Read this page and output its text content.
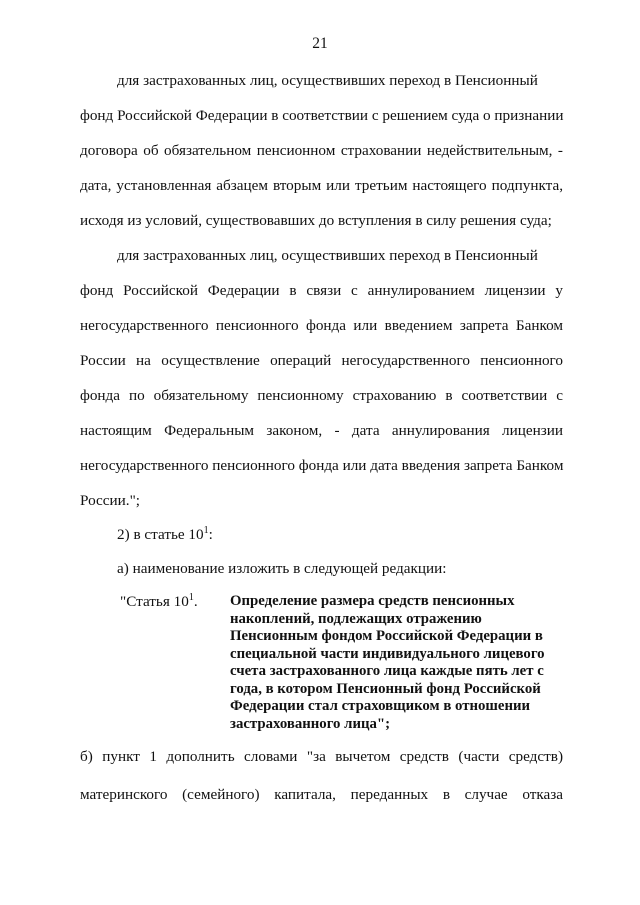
21
для застрахованных лиц, осуществивших переход в Пенсионный
фонд Российской Федерации в соответствии с решением суда о признании
договора об обязательном пенсионном страховании недействительным, -
дата, установленная абзацем вторым или третьим настоящего подпункта,
исходя из условий, существовавших до вступления в силу решения суда;
для застрахованных лиц, осуществивших переход в Пенсионный
фонд Российской Федерации в связи с аннулированием лицензии у
негосударственного пенсионного фонда или введением запрета Банком
России на осуществление операций негосударственного пенсионного
фонда по обязательному пенсионному страхованию в соответствии с
настоящим Федеральным законом, - дата аннулирования лицензии
негосударственного пенсионного фонда или дата введения запрета Банком
России.";
2) в статье $10^1$:
а) наименование изложить в следующей редакции:
"Статья $10^1$. Определение размера средств пенсионных накоплений, подлежащих отражению Пенсионным фондом Российской Федерации в специальной части индивидуального лицевого счета застрахованного лица каждые пять лет с года, в котором Пенсионный фонд Российской Федерации стал страховщиком в отношении застрахованного лица";
б) пункт 1 дополнить словами "за вычетом средств (части средств)
материнского (семейного) капитала, переданных в случае отказа
